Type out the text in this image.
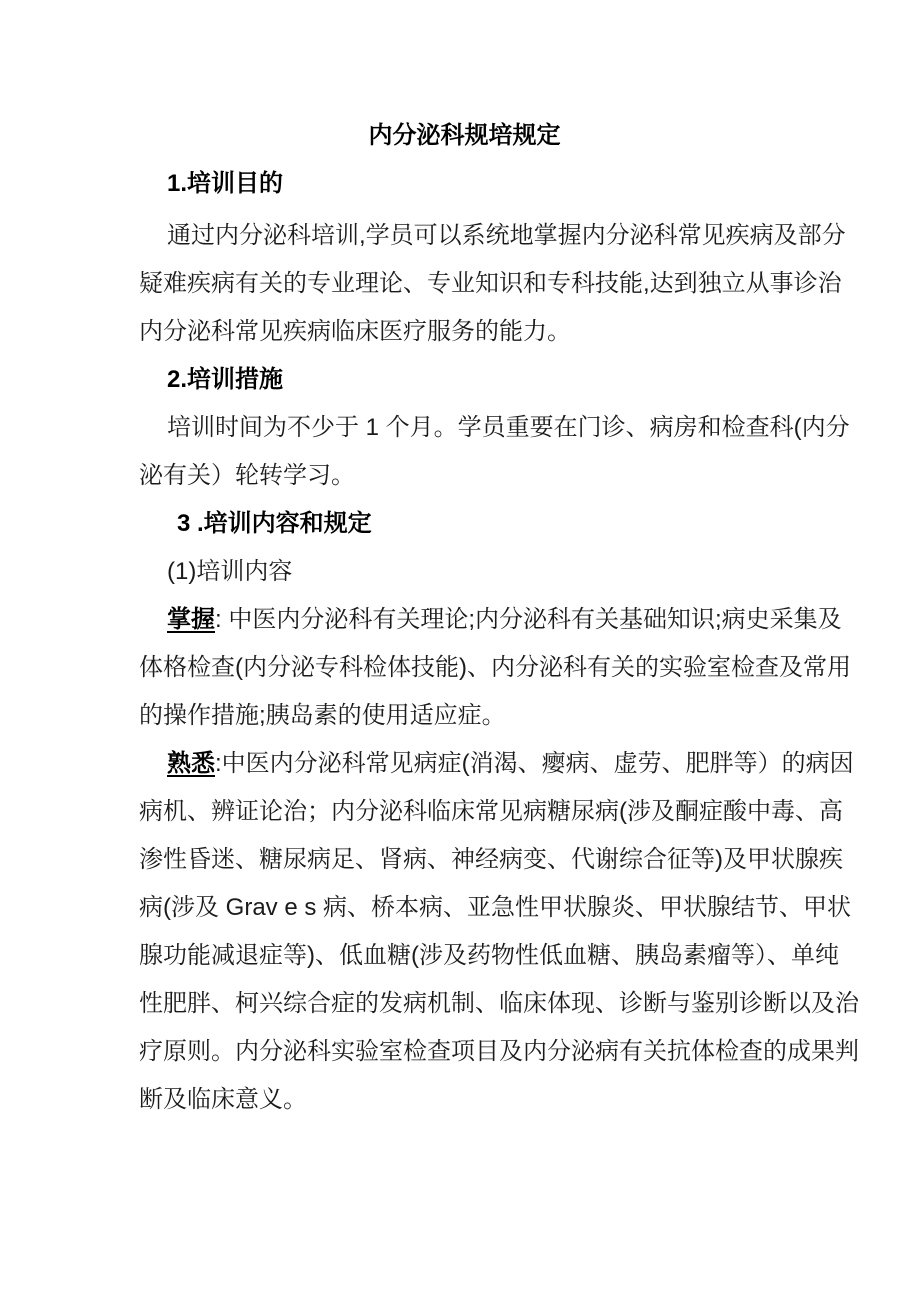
内分泌科规培规定
1.培训目的
通过内分泌科培训,学员可以系统地掌握内分泌科常见疾病及部分
疑难疾病有关的专业理论、专业知识和专科技能,达到独立从事诊治
内分泌科常见疾病临床医疗服务的能力。
2.培训措施
培训时间为不少于 1 个月。学员重要在门诊、病房和检查科(内分
泌有关）轮转学习。
3 .培训内容和规定
(1)培训内容
掌握: 中医内分泌科有关理论;内分泌科有关基础知识;病史采集及
体格检查(内分泌专科检体技能)、内分泌科有关的实验室检查及常用
的操作措施;胰岛素的使用适应症。
熟悉:中医内分泌科常见病症(消渴、瘿病、虚劳、肥胖等）的病因
病机、辨证论治；内分泌科临床常见病糖尿病(涉及酮症酸中毒、高
渗性昏迷、糖尿病足、肾病、神经病变、代谢综合征等)及甲状腺疾
病(涉及 Grav e s 病、桥本病、亚急性甲状腺炎、甲状腺结节、甲状
腺功能减退症等)、低血糖(涉及药物性低血糖、胰岛素瘤等）、单纯
性肥胖、柯兴综合症的发病机制、临床体现、诊断与鉴别诊断以及治
疗原则。内分泌科实验室检查项目及内分泌病有关抗体检查的成果判
断及临床意义。
